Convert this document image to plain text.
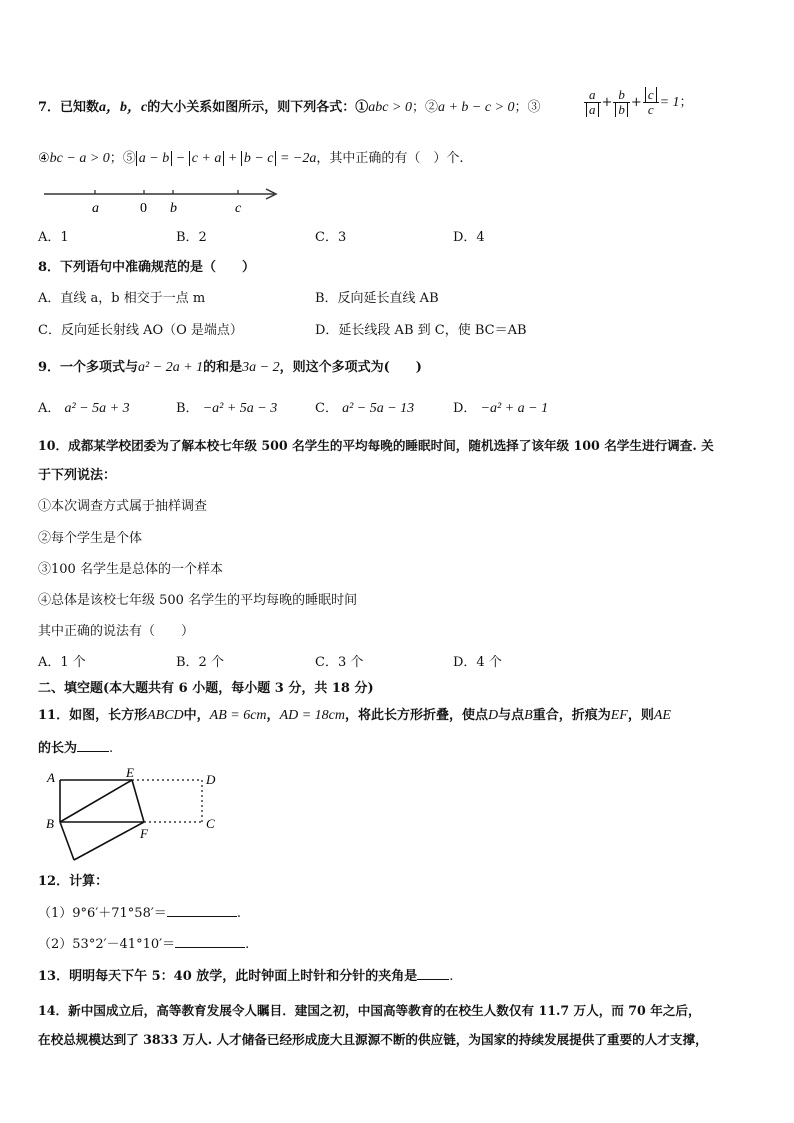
7．已知数a，b，c的大小关系如图所示，则下列各式：①abc > 0；②a + b − c > 0；③	$\frac{a}{a} + \frac{b}{b} + \frac{c}{c} = 1$；
④bc − a > 0；⑤ a − b − c + a + b − c = −2a，其中正确的有（　）个.
a	0 b	c
A．1	B．2	C．3	D．4
8．下列语句中准确规范的是（　　）
A．直线 a，b 相交于一点 m	B．反向延长直线 AB
C．反向延长射线 AO（O 是端点）	D．延长线段 AB 到 C，使 BC＝AB
9．一个多项式与a² − 2a + 1的和是3a − 2，则这个多项式为(　　)
A． a² − 5a + 3	B． −a² + 5a − 3	C． a² − 5a − 13	D． −a² + a − 1
10．成都某学校团委为了解本校七年级 500 名学生的平均每晚的睡眠时间，随机选择了该年级 100 名学生进行调查. 关
于下列说法：
①本次调查方式属于抽样调查
②每个学生是个体
③100 名学生是总体的一个样本
④总体是该校七年级 500 名学生的平均每晚的睡眠时间
其中正确的说法有（　　）
A．1 个	B．2 个	C．3 个	D．4 个
二、填空题(本大题共有 6 小题，每小题 3 分，共 18 分)
11．如图，长方形ABCD中，AB = 6cm，AD = 18cm，将此长方形折叠，使点D与点B重合，折痕为EF，则AE
的长为 .
A	E	D
B
F
C
12．计算：
（1）9°6′＋71°58′＝	.
（2）53°2′－41°10′＝	.
13．明明每天下午 5：40 放学，此时钟面上时针和分针的夹角是 .
14．新中国成立后，高等教育发展令人瞩目．建国之初，中国高等教育的在校生人数仅有 11.7 万人，而 70 年之后，
在校总规模达到了 3833 万人. 人才储备已经形成庞大且源源不断的供应链，为国家的持续发展提供了重要的人才支撑，
